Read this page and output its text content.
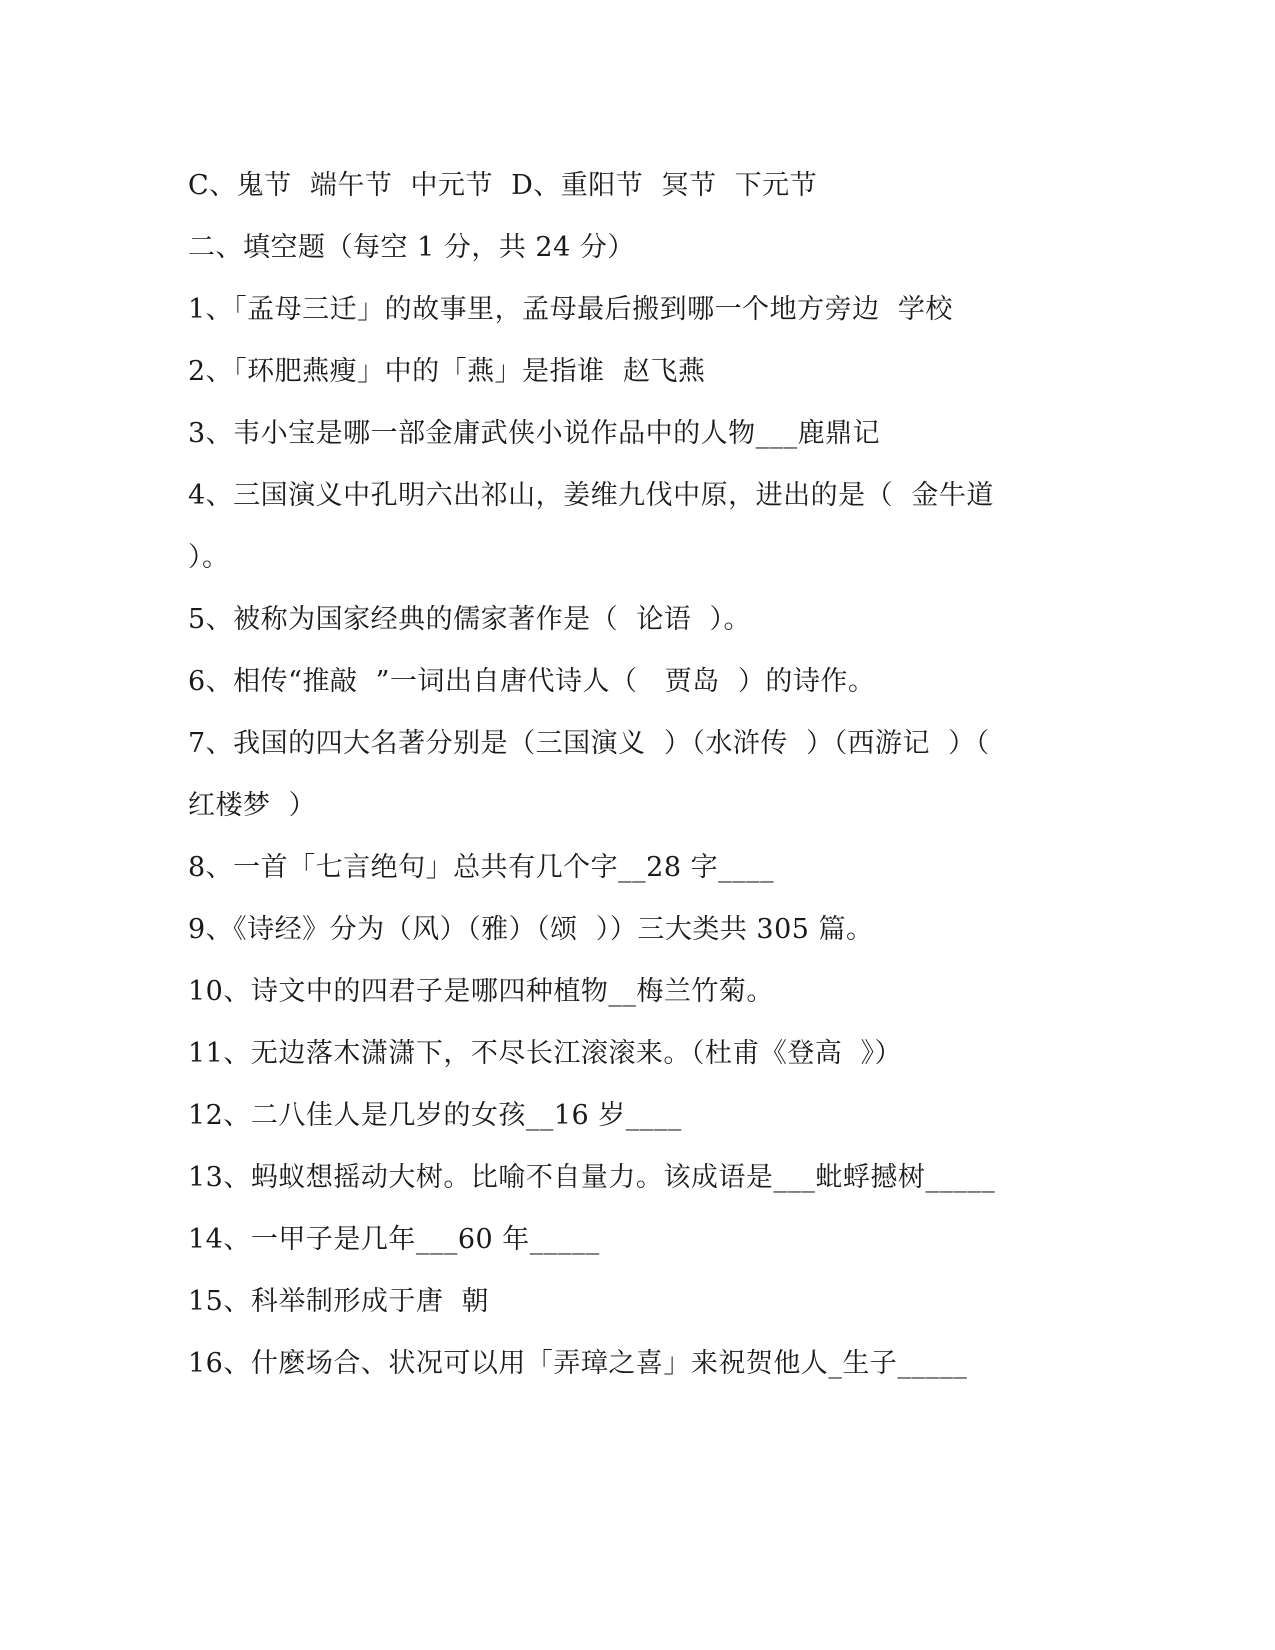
C、鬼节  端午节  中元节  D、重阳节  冥节  下元节
二、填空题（每空 1 分，共 24 分）
1、「孟母三迁」的故事里，孟母最后搬到哪一个地方旁边  学校
2、「环肥燕瘦」中的「燕」是指谁  赵飞燕
3、韦小宝是哪一部金庸武侠小说作品中的人物___鹿鼎记
4、三国演义中孔明六出祁山，姜维九伐中原，进出的是（  金牛道
）。
5、被称为国家经典的儒家著作是（  论语  ）。
6、相传“推敲  ”一词出自唐代诗人（   贾岛  ）的诗作。
7、我国的四大名著分别是（三国演义  ）（水浒传  ）（西游记  ）（
红楼梦  ）
8、一首「七言绝句」总共有几个字__28 字____
9、《诗经》分为（风）（雅）（颂  ））三大类共 305 篇。
10、诗文中的四君子是哪四种植物__梅兰竹菊。
11、无边落木潇潇下，不尽长江滚滚来。（杜甫《登高  》）
12、二八佳人是几岁的女孩__16 岁____
13、蚂蚁想摇动大树。比喻不自量力。该成语是___蚍蜉撼树_____
14、一甲子是几年___60 年_____
15、科举制形成于唐  朝
16、什麽场合、状况可以用「弄璋之喜」来祝贺他人_生子_____
